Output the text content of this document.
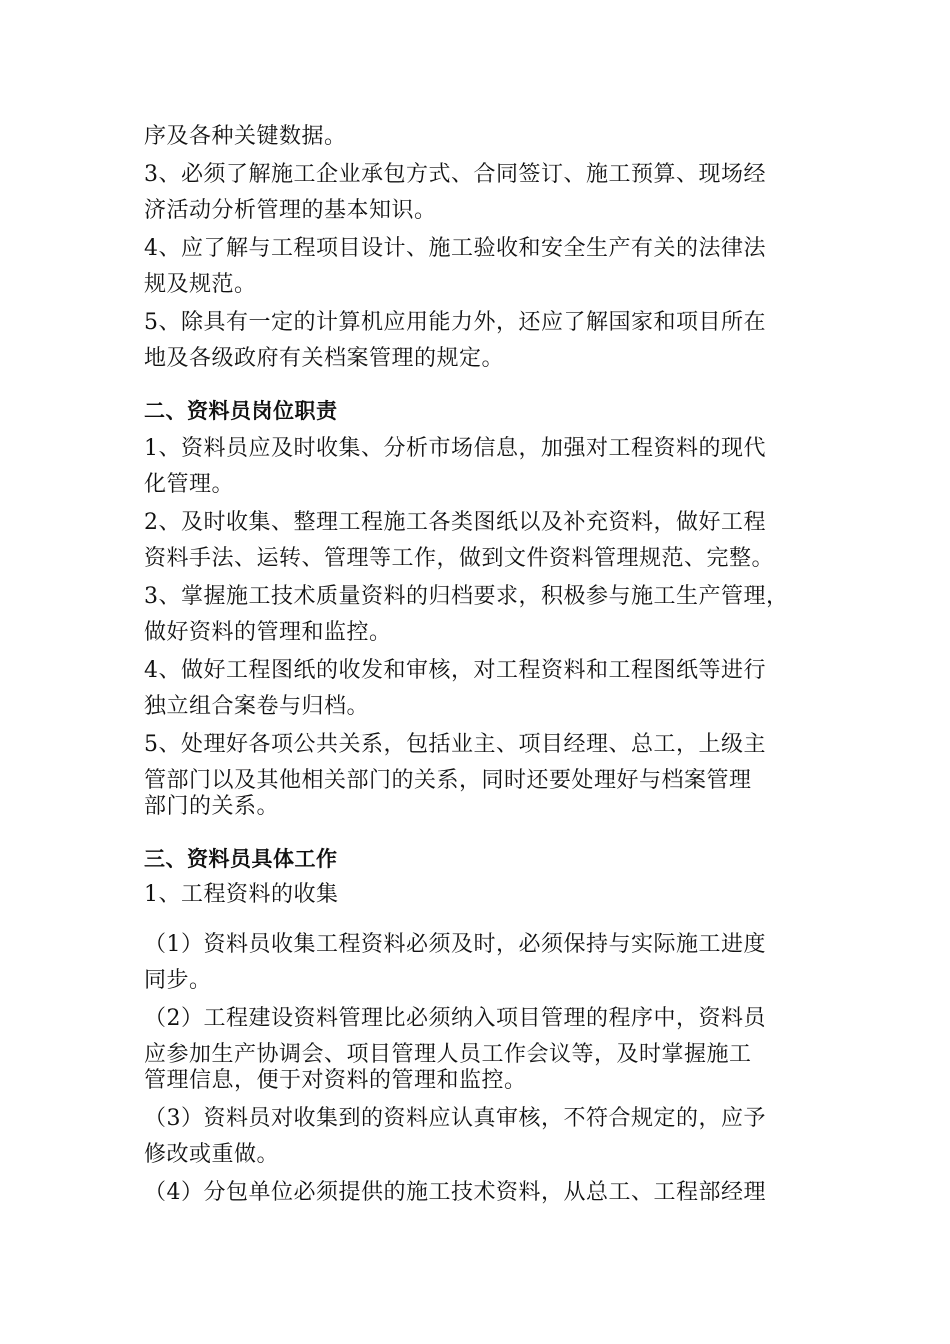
序及各种关键数据。
3、必须了解施工企业承包方式、合同签订、施工预算、现场经
济活动分析管理的基本知识。
4、应了解与工程项目设计、施工验收和安全生产有关的法律法
规及规范。
5、除具有一定的计算机应用能力外，还应了解国家和项目所在
地及各级政府有关档案管理的规定。
二、资料员岗位职责
1、资料员应及时收集、分析市场信息，加强对工程资料的现代
化管理。
2、及时收集、整理工程施工各类图纸以及补充资料，做好工程
资料手法、运转、管理等工作，做到文件资料管理规范、完整。
3、掌握施工技术质量资料的归档要求，积极参与施工生产管理，
做好资料的管理和监控。
4、做好工程图纸的收发和审核，对工程资料和工程图纸等进行
独立组合案卷与归档。
5、处理好各项公共关系，包括业主、项目经理、总工，上级主
管部门以及其他相关部门的关系，同时还要处理好与档案管理
部门的关系。
三、资料员具体工作
1、工程资料的收集
（1）资料员收集工程资料必须及时，必须保持与实际施工进度
同步。
（2）工程建设资料管理比必须纳入项目管理的程序中，资料员
应参加生产协调会、项目管理人员工作会议等，及时掌握施工
管理信息，便于对资料的管理和监控。
（3）资料员对收集到的资料应认真审核，不符合规定的，应予
修改或重做。
（4）分包单位必须提供的施工技术资料，从总工、工程部经理
